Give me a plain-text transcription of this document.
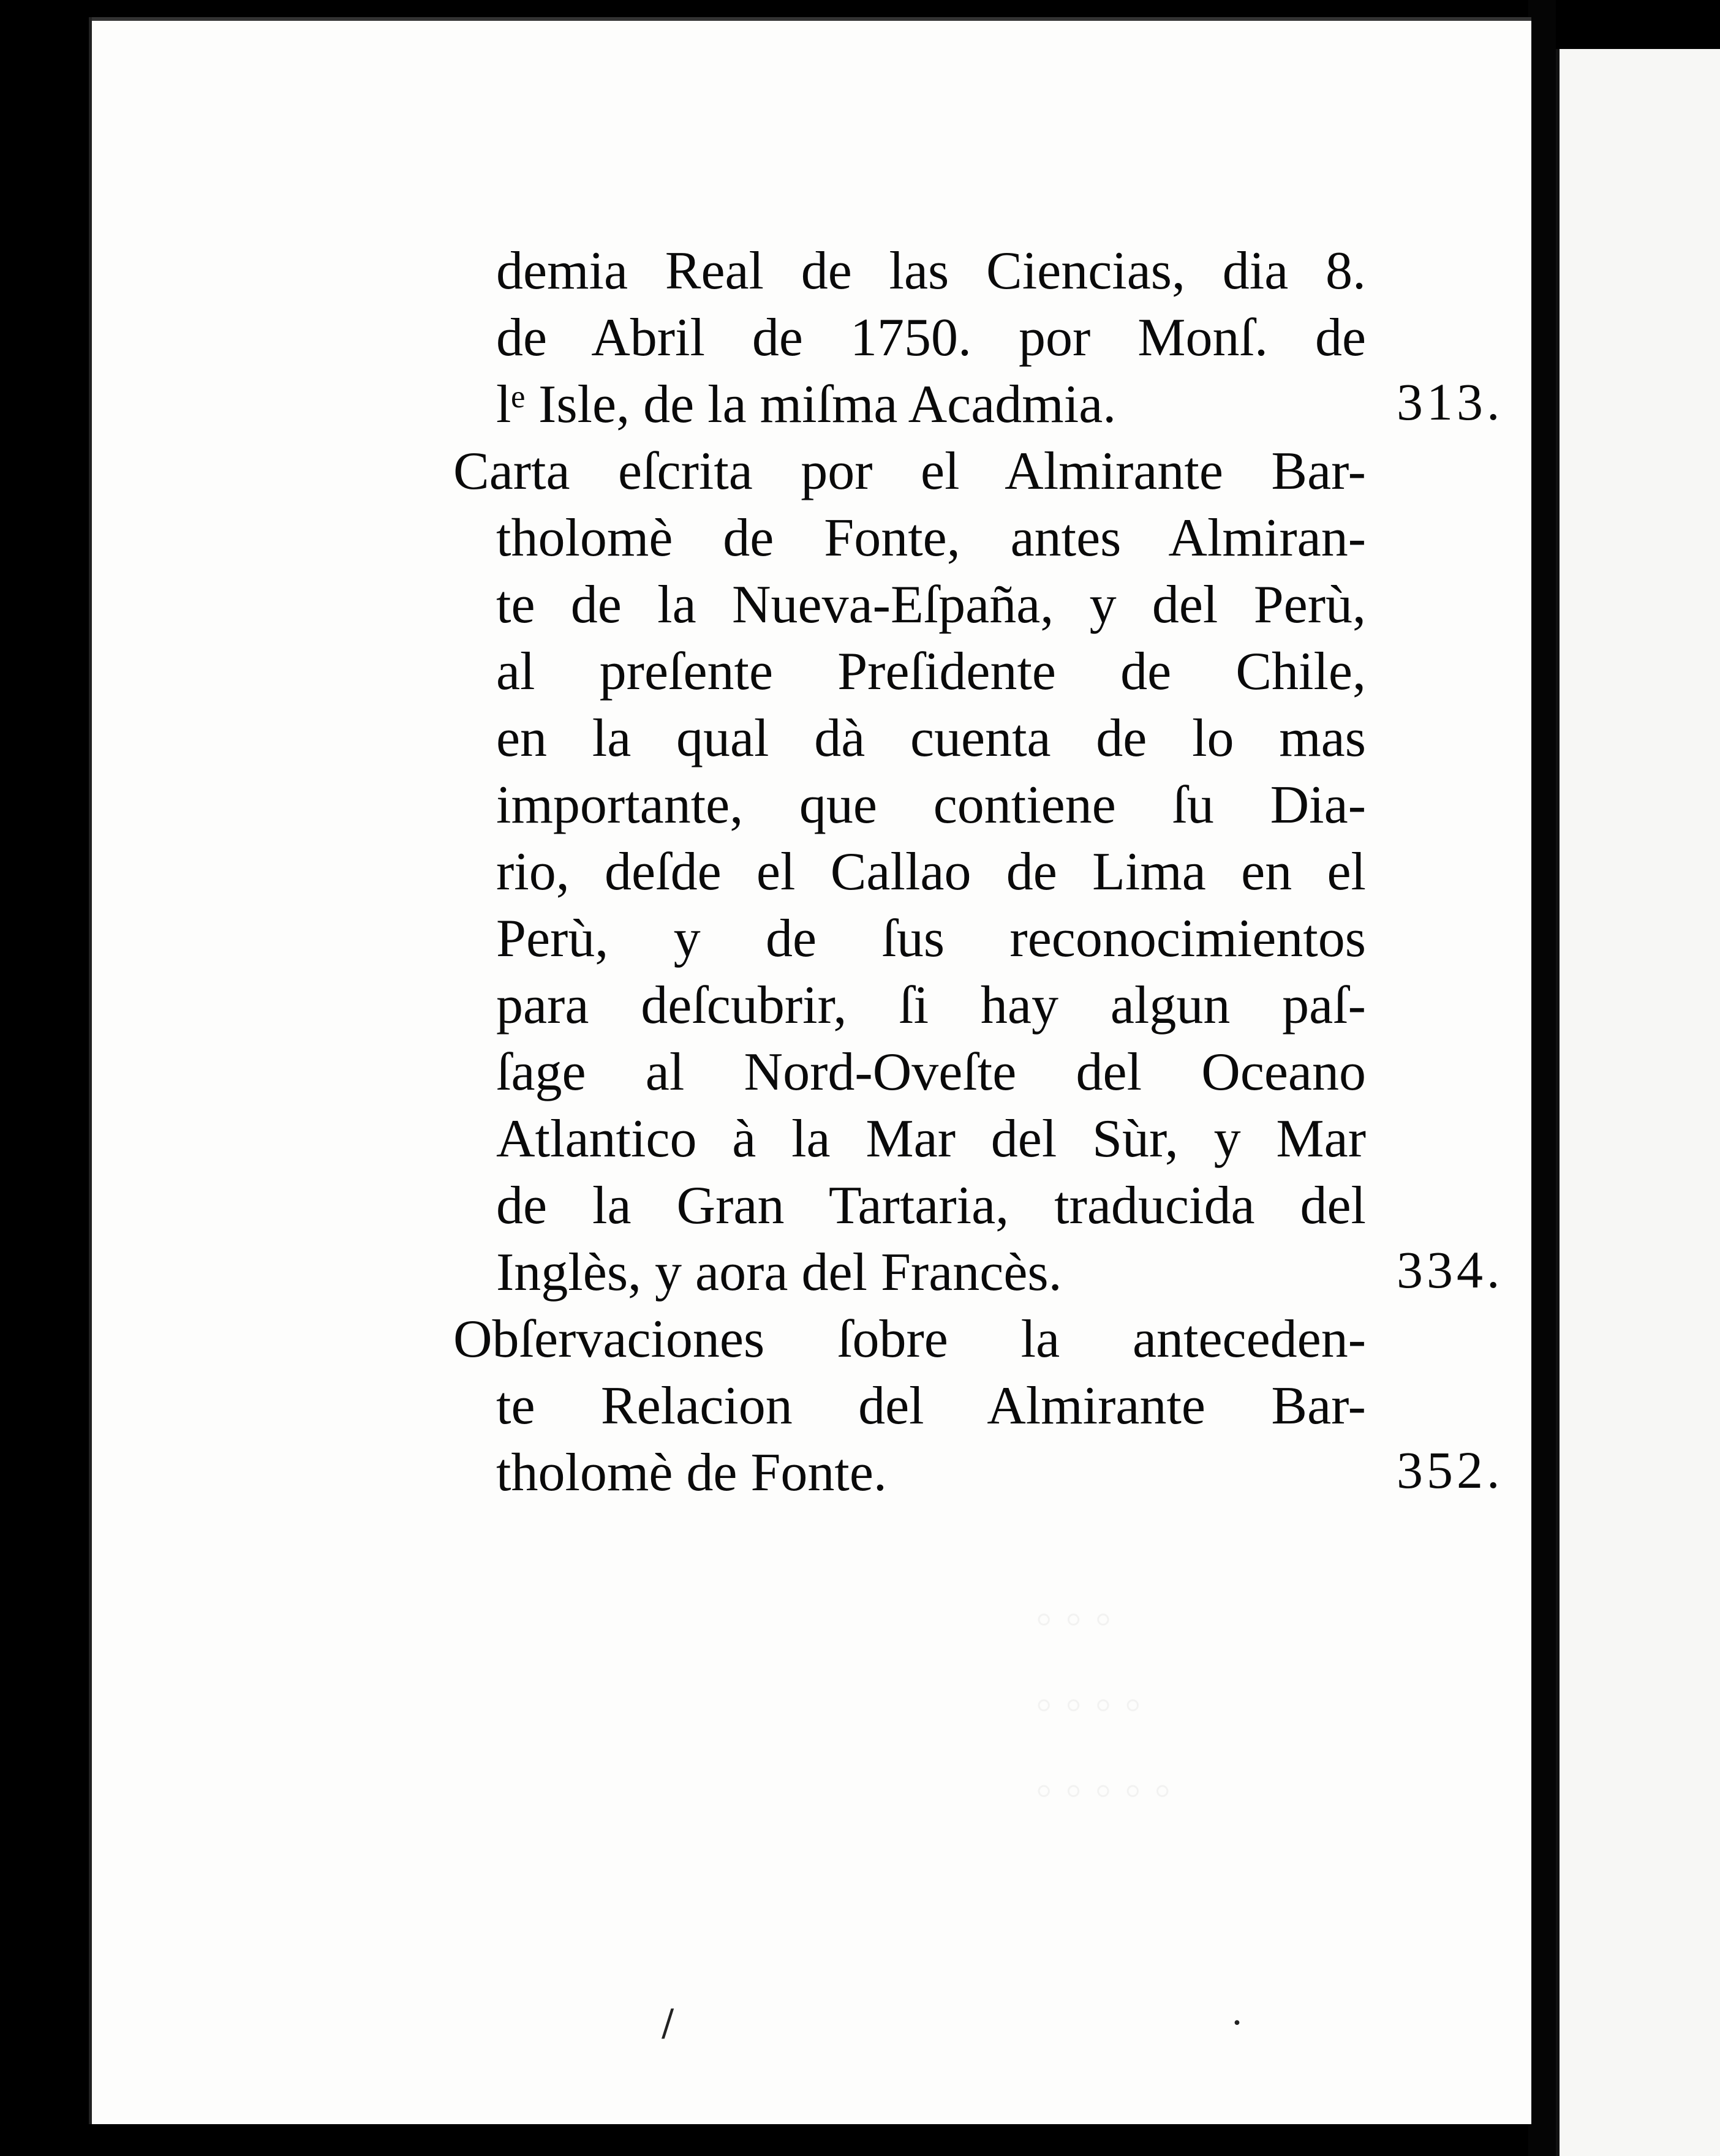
◦ ◦ ◦
◦ ◦ ◦ ◦
◦ ◦ ◦ ◦ ◦
/	·
demia Real de las Ciencias, dia 8.
de Abril de 1750. por Monſ. de
lᵉ Isle, de la miſma Acadmia.	313.
Carta eſcrita por el Almirante Bar-
tholomè de Fonte, antes Almiran-
te de la Nueva-Eſpaña, y del Perù,
al preſente Preſidente de Chile,
en la qual dà cuenta de lo mas
importante, que contiene ſu Dia-
rio, deſde el Callao de Lima en el
Perù, y de ſus reconocimientos
para deſcubrir, ſi hay algun paſ-
ſage al Nord-Oveſte del Oceano
Atlantico à la Mar del Sùr, y Mar
de la Gran Tartaria, traducida del
Inglès, y aora del Francès.	334.
Obſervaciones ſobre la anteceden-
te Relacion del Almirante Bar-
tholomè de Fonte.	352.
